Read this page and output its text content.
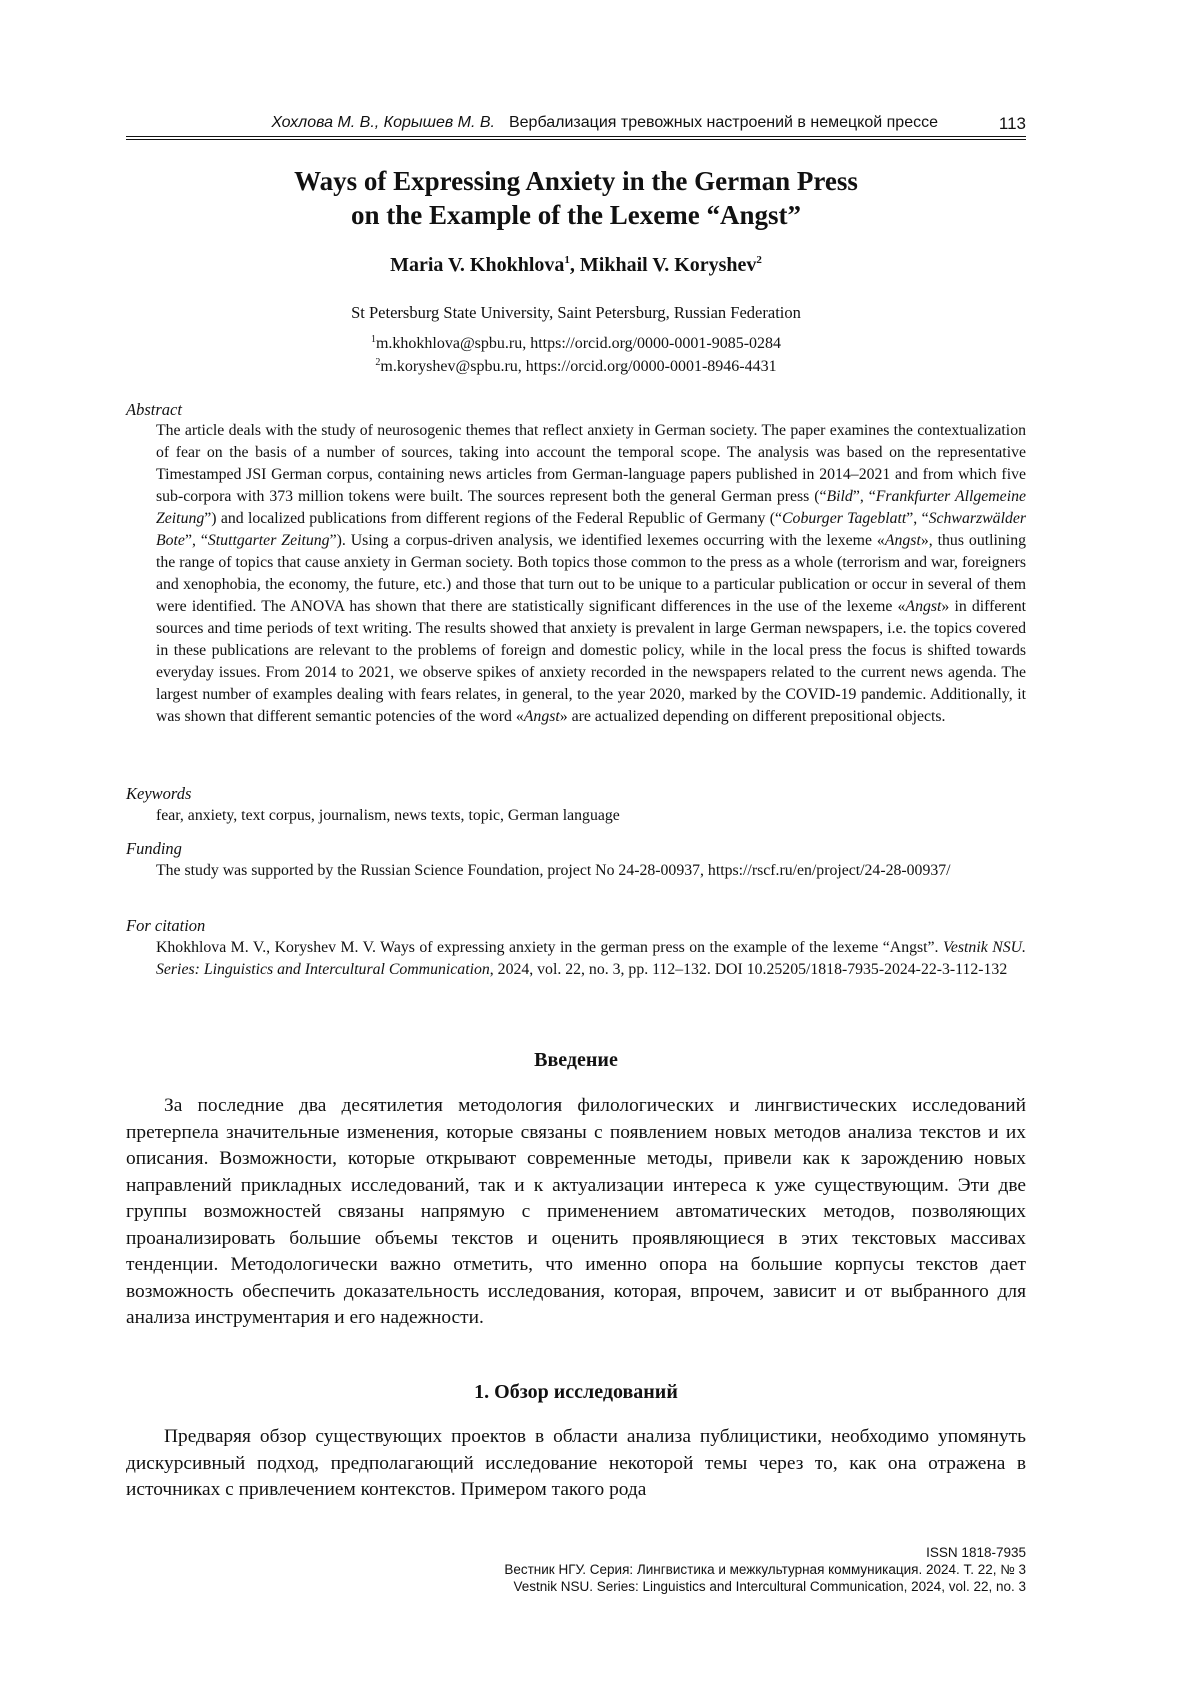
Хохлова М. В., Корышев М. В. Вербализация тревожных настроений в немецкой прессе	113
Ways of Expressing Anxiety in the German Press
on the Example of the Lexeme “Angst”
Maria V. Khokhlova$^1$, Mikhail V. Koryshev$^2$
St Petersburg State University, Saint Petersburg, Russian Federation
$^1$m.khokhlova@spbu.ru, https://orcid.org/0000-0001-9085-0284
$^2$m.koryshev@spbu.ru, https://orcid.org/0000-0001-8946-4431
Abstract
The article deals with the study of neurosogenic themes that reflect anxiety in German society. The paper examines the contextualization of fear on the basis of a number of sources, taking into account the temporal scope. The analysis was based on the representative Timestamped JSI German corpus, containing news articles from German-language papers published in 2014–2021 and from which five sub-corpora with 373 million tokens were built. The sources represent both the general German press (“Bild”, “Frankfurter Allgemeine Zeitung”) and localized publications from different regions of the Federal Republic of Germany (“Coburger Tageblatt”, “Schwarzwälder Bote”, “Stuttgarter Zeitung”). Using a corpus-driven analysis, we identified lexemes occurring with the lexeme «Angst», thus outlining the range of topics that cause anxiety in German society. Both topics those common to the press as a whole (terrorism and war, foreigners and xenophobia, the economy, the future, etc.) and those that turn out to be unique to a particular publication or occur in several of them were identified. The ANOVA has shown that there are statistically significant differences in the use of the lexeme «Angst» in different sources and time periods of text writing. The results showed that anxiety is prevalent in large German newspapers, i.e. the topics covered in these publications are relevant to the problems of foreign and domestic policy, while in the local press the focus is shifted towards everyday issues. From 2014 to 2021, we observe spikes of anxiety recorded in the newspapers related to the current news agenda. The largest number of examples dealing with fears relates, in general, to the year 2020, marked by the COVID-19 pandemic. Additionally, it was shown that different semantic potencies of the word «Angst» are actualized depending on different prepositional objects.
Keywords
fear, anxiety, text corpus, journalism, news texts, topic, German language
Funding
The study was supported by the Russian Science Foundation, project No 24-28-00937, https://rscf.ru/en/project/24-28-00937/
For citation
Khokhlova M. V., Koryshev M. V. Ways of expressing anxiety in the german press on the example of the lexeme “Angst”. Vestnik NSU. Series: Linguistics and Intercultural Communication, 2024, vol. 22, no. 3, pp. 112–132. DOI 10.25205/1818-7935-2024-22-3-112-132
Введение
За последние два десятилетия методология филологических и лингвистических исследований претерпела значительные изменения, которые связаны с появлением новых методов анализа текстов и их описания. Возможности, которые открывают современные методы, привели как к зарождению новых направлений прикладных исследований, так и к актуализации интереса к уже существующим. Эти две группы возможностей связаны напрямую с применением автоматических методов, позволяющих проанализировать большие объемы текстов и оценить проявляющиеся в этих текстовых массивах тенденции. Методологически важно отметить, что именно опора на большие корпусы текстов дает возможность обеспечить доказательность исследования, которая, впрочем, зависит и от выбранного для анализа инструментария и его надежности.
1. Обзор исследований
Предваряя обзор существующих проектов в области анализа публицистики, необходимо упомянуть дискурсивный подход, предполагающий исследование некоторой темы через то, как она отражена в источниках с привлечением контекстов. Примером такого рода
ISSN 1818-7935
Вестник НГУ. Серия: Лингвистика и межкультурная коммуникация. 2024. Т. 22, № 3
Vestnik NSU. Series: Linguistics and Intercultural Communication, 2024, vol. 22, no. 3
